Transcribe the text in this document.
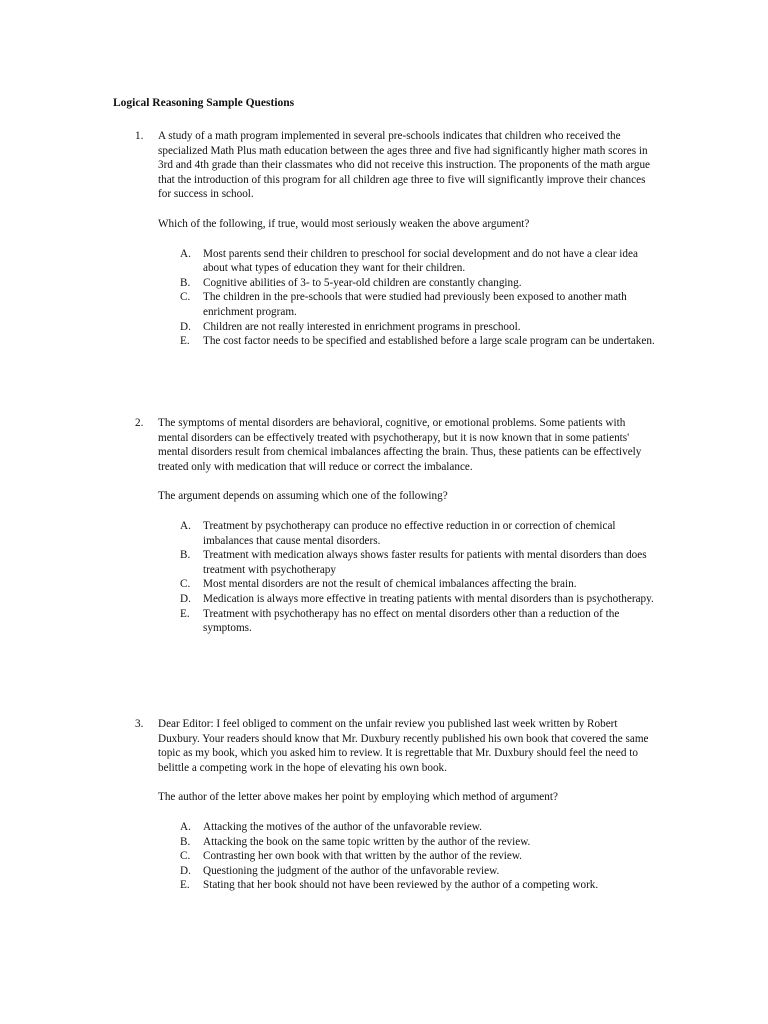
Logical Reasoning Sample Questions
1. A study of a math program implemented in several pre-schools indicates that children who received the specialized Math Plus math education between the ages three and five had significantly higher math scores in 3rd and 4th grade than their classmates who did not receive this instruction. The proponents of the math argue that the introduction of this program for all children age three to five will significantly improve their chances for success in school.

Which of the following, if true, would most seriously weaken the above argument?

A. Most parents send their children to preschool for social development and do not have a clear idea about what types of education they want for their children.
B. Cognitive abilities of 3- to 5-year-old children are constantly changing.
C. The children in the pre-schools that were studied had previously been exposed to another math enrichment program.
D. Children are not really interested in enrichment programs in preschool.
E. The cost factor needs to be specified and established before a large scale program can be undertaken.
2. The symptoms of mental disorders are behavioral, cognitive, or emotional problems. Some patients with mental disorders can be effectively treated with psychotherapy, but it is now known that in some patients' mental disorders result from chemical imbalances affecting the brain. Thus, these patients can be effectively treated only with medication that will reduce or correct the imbalance.

The argument depends on assuming which one of the following?

A. Treatment by psychotherapy can produce no effective reduction in or correction of chemical imbalances that cause mental disorders.
B. Treatment with medication always shows faster results for patients with mental disorders than does treatment with psychotherapy
C. Most mental disorders are not the result of chemical imbalances affecting the brain.
D. Medication is always more effective in treating patients with mental disorders than is psychotherapy.
E. Treatment with psychotherapy has no effect on mental disorders other than a reduction of the symptoms.
3. Dear Editor: I feel obliged to comment on the unfair review you published last week written by Robert Duxbury. Your readers should know that Mr. Duxbury recently published his own book that covered the same topic as my book, which you asked him to review. It is regrettable that Mr. Duxbury should feel the need to belittle a competing work in the hope of elevating his own book.

The author of the letter above makes her point by employing which method of argument?

A. Attacking the motives of the author of the unfavorable review.
B. Attacking the book on the same topic written by the author of the review.
C. Contrasting her own book with that written by the author of the review.
D. Questioning the judgment of the author of the unfavorable review.
E. Stating that her book should not have been reviewed by the author of a competing work.
